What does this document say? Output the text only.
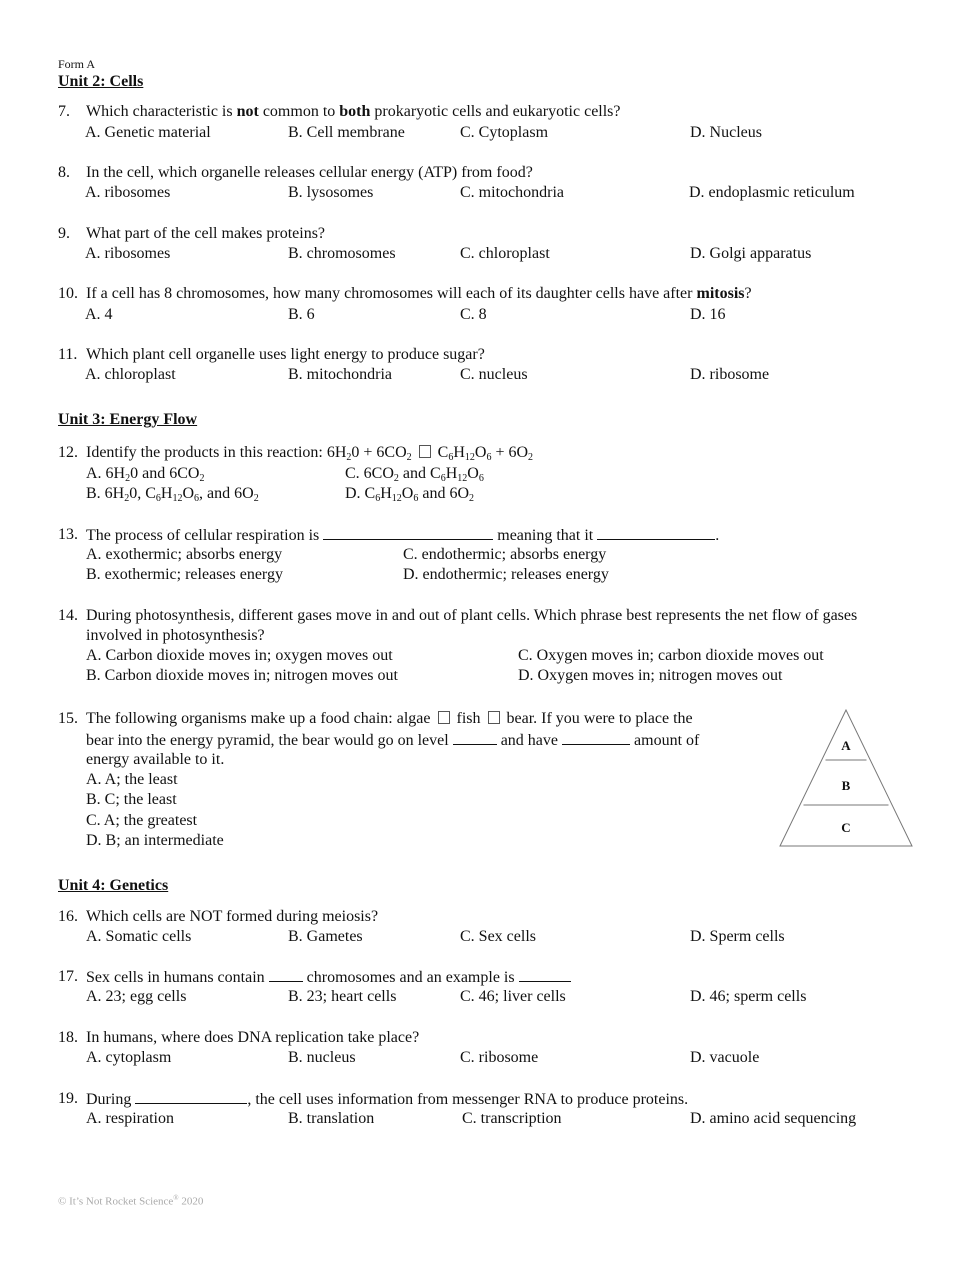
Form A
Unit 2: Cells
7.	Which characteristic is not common to both prokaryotic cells and eukaryotic cells?
A. Genetic material	B. Cell membrane	C. Cytoplasm	D. Nucleus
8.	In the cell, which organelle releases cellular energy (ATP) from food?
A. ribosomes	B. lysosomes	C. mitochondria	D. endoplasmic reticulum
9.	What part of the cell makes proteins?
A. ribosomes	B. chromosomes	C. chloroplast	D. Golgi apparatus
10. If a cell has 8 chromosomes, how many chromosomes will each of its daughter cells have after mitosis?
A. 4	B. 6	C. 8	D. 16
11. Which plant cell organelle uses light energy to produce sugar?
A. chloroplast	B. mitochondria	C. nucleus	D. ribosome
Unit 3: Energy Flow
12. Identify the products in this reaction: $6H_20 + 6CO_2$ $C_6H_{12}O_6 + 6O_2$
A. $6H_20$ and $6CO_2$	C. $6CO_2$ and $C_6H_{12}O_6$
B. $6H_20$, $C_6H_{12}O_6$, and $6O_2$	D. $C_6H_{12}O_6$ and $6O_2$
13. The process of cellular respiration is	meaning that it	.
A. exothermic; absorbs energy	C. endothermic; absorbs energy
B. exothermic; releases energy	D. endothermic; releases energy
14. During photosynthesis, different gases move in and out of plant cells. Which phrase best represents the net flow of gases involved in photosynthesis?
A. Carbon dioxide moves in; oxygen moves out	C. Oxygen moves in; carbon dioxide moves out
B. Carbon dioxide moves in; nitrogen moves out	D. Oxygen moves in; nitrogen moves out
15. The following organisms make up a food chain: algae fish bear. If you were to place the
bear into the energy pyramid, the bear would go on level	and have	amount of
energy available to it.
A. A; the least
B. C; the least
C. A; the greatest
D. B; an intermediate
A
B
C
Unit 4: Genetics
16. Which cells are NOT formed during meiosis?
A. Somatic cells	B. Gametes	C. Sex cells	D. Sperm cells
17. Sex cells in humans contain	chromosomes and an example is
A. 23; egg cells	B. 23; heart cells	C. 46; liver cells	D. 46; sperm cells
18. In humans, where does DNA replication take place?
A. cytoplasm	B. nucleus	C. ribosome	D. vacuole
19. During	, the cell uses information from messenger RNA to produce proteins.
A. respiration	B. translation	C. transcription	D. amino acid sequencing
© It’s Not Rocket Science® 2020
